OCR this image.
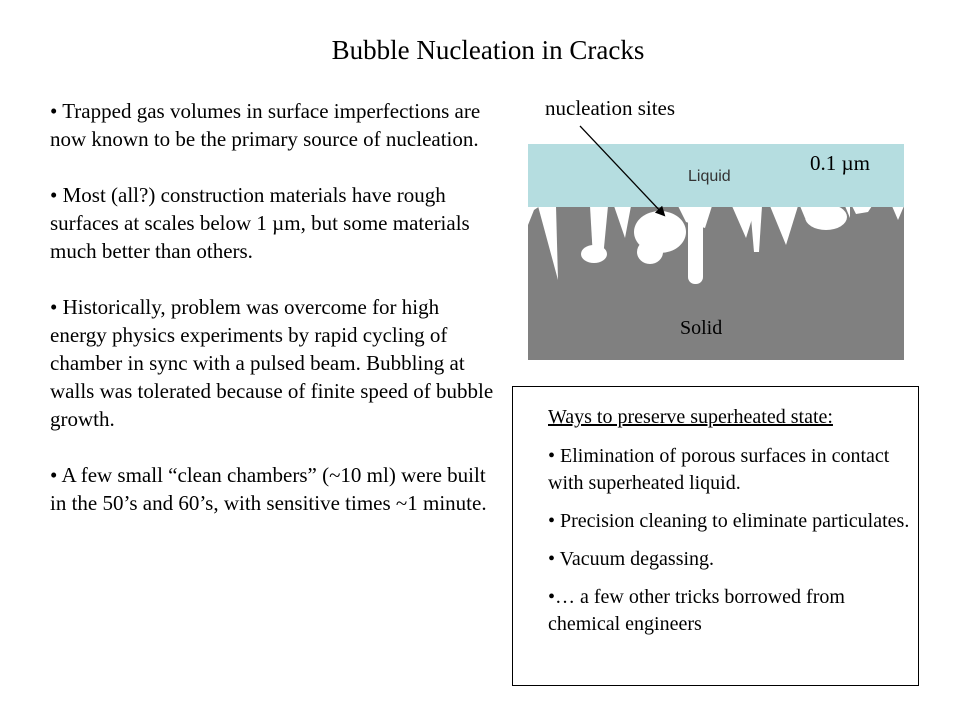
Bubble Nucleation in Cracks

• Trapped gas volumes in surface imperfections are now known to be the primary source of nucleation.

• Most (all?) construction materials have rough surfaces at scales below 1 µm, but some materials much better than others.

• Historically, problem was overcome for high energy physics experiments by rapid cycling of chamber in sync with a pulsed beam. Bubbling at walls was tolerated because of finite speed of bubble growth.

• A few small “clean chambers” (~10 ml) were built in the 50’s and 60’s, with sensitive times ~1 minute.

nucleation sites
Liquid
0.1 µm
Solid

Ways to preserve superheated state:

• Elimination of porous surfaces in contact with superheated liquid.
• Precision cleaning to eliminate particulates.
• Vacuum degassing.
•… a few other tricks borrowed from chemical engineers
